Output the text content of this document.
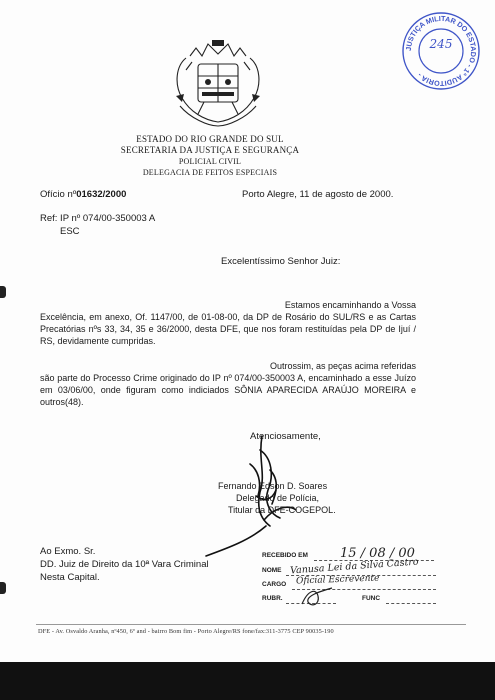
JUSTIÇA MILITAR DO ESTADO - 1ª AUDITORIA -
245
ESTADO DO RIO GRANDE DO SUL
SECRETARIA DA JUSTIÇA E SEGURANÇA
POLICIAL CIVIL
DELEGACIA DE FEITOS ESPECIAIS
Ofício nº01632/2000	Porto Alegre, 11 de agosto de 2000.
Ref: IP nº 074/00-350003 A
ESC
Excelentíssimo Senhor Juiz:
Estamos encaminhando a Vossa
Excelência, em anexo, Of. 1147/00, de 01-08-00, da DP de Rosário do SUL/RS e as Cartas Precatórias nºs 33, 34, 35 e 36/2000, desta DFE, que nos foram restituídas pela DP de Ijuí / RS, devidamente cumpridas.
Outrossim, as peças acima referidas
são parte do Processo Crime originado do IP nº 074/00-350003 A, encaminhado a esse Juízo em 03/06/00, onde figuram como indiciados SÔNIA APARECIDA ARAÚJO MOREIRA e outros(48).
Atenciosamente,
Fernando Edson D. Soares
Delegado de Polícia,
Titular da DFE-COGEPOL.
Ao Exmo. Sr.
DD. Juiz de Direito da 10ª Vara Criminal
Nesta Capital.
RECEBIDO EM 15 / 08 / 00
NOME Vanusa Lei da Silva Castro
CARGO Oficial Escrevente
RUBR.	FUNC
DFE - Av. Osvaldo Aranha, nº450, 6º and - bairro Bom fim - Porto Alegre/RS fone/fax:311-3775 CEP 90035-190
